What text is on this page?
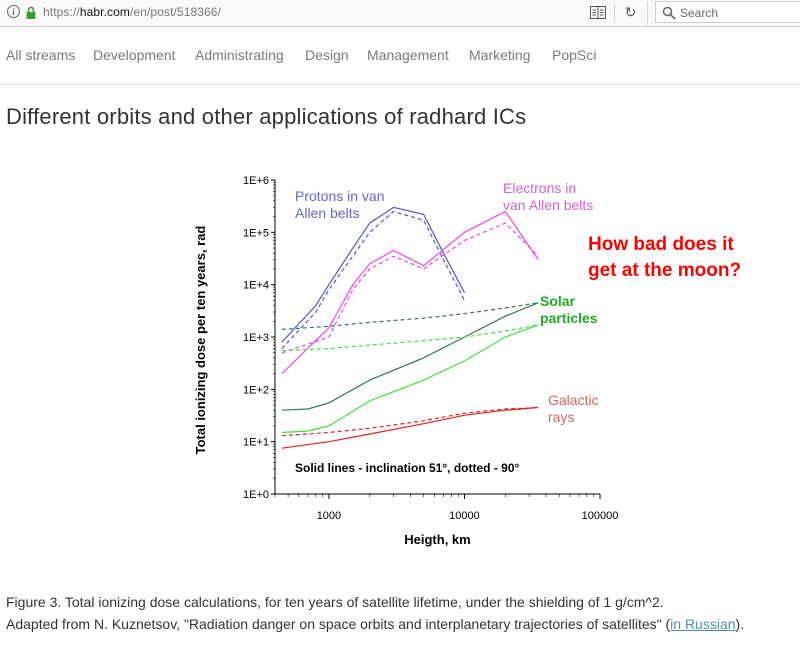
i	https://habr.com/en/post/518366/	↻	Search
All streams Development Administrating Design Management Marketing PopSci
Different orbits and other applications of radhard ICs
1E+0
1E+1
1E+2
1E+3
1E+4
1E+5
1E+6
1000	10000	100000
Heigth, km
Total ionizing dose per ten years, rad
Protons in van
Allen belts
Electrons in
van Allen belts
Solar
particles
Galactic
rays
Solid lines - inclination 51°, dotted - 90°
How bad does it
get at the moon?
Figure 3. Total ionizing dose calculations, for ten years of satellite lifetime, under the shielding of 1 g/cm^2.
Adapted from N. Kuznetsov, "Radiation danger on space orbits and interplanetary trajectories of satellites" (in Russian).
